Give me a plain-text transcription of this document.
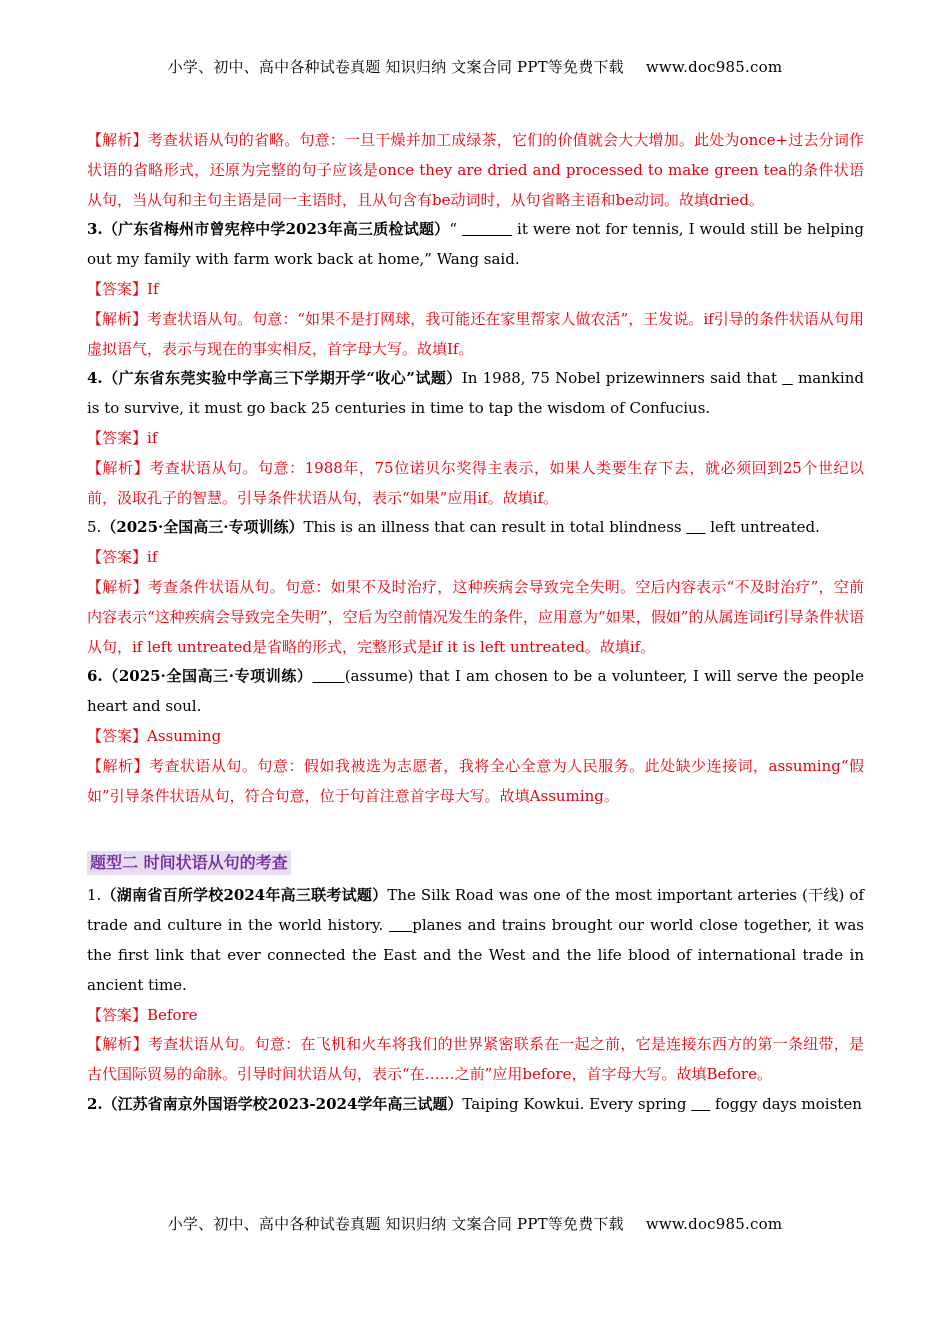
小学、初中、高中各种试卷真题 知识归纳 文案合同 PPT等免费下载 www.doc985.com

【解析】考查状语从句的省略。句意：一旦干燥并加工成绿茶，它们的价值就会大大增加。此处为once+过去分词作状语的省略形式，还原为完整的句子应该是once they are dried and processed to make green tea的条件状语从句，当从句和主句主语是同一主语时，且从句含有be动词时，从句省略主语和be动词。故填dried。

3.（广东省梅州市曾宪梓中学2023年高三质检试题）“	it were not for tennis, I would still be helping out my family with farm work back at home,” Wang said.

【答案】If

【解析】考查状语从句。句意：“如果不是打网球，我可能还在家里帮家人做农活”，王发说。if引导的条件状语从句用虚拟语气，表示与现在的事实相反，首字母大写。故填If。

4.（广东省东莞实验中学高三下学期开学“收心”试题）In 1988, 75 Nobel prizewinners said that    mankind is to survive, it must go back 25 centuries in time to tap the wisdom of Confucius.

【答案】if

【解析】考查状语从句。句意：1988年，75位诺贝尔奖得主表示，如果人类要生存下去，就必须回到25个世纪以前，汲取孔子的智慧。引导条件状语从句，表示“如果”应用if。故填if。

5.（2025·全国高三·专项训练）This is an illness that can result in total blindness      left untreated.

【答案】if

【解析】考查条件状语从句。句意：如果不及时治疗，这种疾病会导致完全失明。空后内容表示“不及时治疗”，空前内容表示“这种疾病会导致完全失明”，空后为空前情况发生的条件，应用意为“如果，假如”的从属连词if引导条件状语从句，if left untreated是省略的形式，完整形式是if it is left untreated。故填if。

6.（2025·全国高三·专项训练） (assume) that I am chosen to be a volunteer, I will serve the people heart and soul.

【答案】Assuming

【解析】考查状语从句。句意：假如我被选为志愿者，我将全心全意为人民服务。此处缺少连接词，assuming“假如”引导条件状语从句，符合句意，位于句首注意首字母大写。故填Assuming。

题型二 时间状语从句的考查

1.（湖南省百所学校2024年高三联考试题）The Silk Road was one of the most important arteries (干线) of trade and culture in the world history.     planes and trains brought our world close together, it was the first link that ever connected the East and the West and the life blood of international trade in ancient time.

【答案】Before

【解析】考查状语从句。句意：在飞机和火车将我们的世界紧密联系在一起之前，它是连接东西方的第一条纽带，是古代国际贸易的命脉。引导时间状语从句，表示“在……之前”应用before，首字母大写。故填Before。

2.（江苏省南京外国语学校2023-2024学年高三试题）Taiping Kowkui. Every spring      foggy days moisten

小学、初中、高中各种试卷真题 知识归纳 文案合同 PPT等免费下载 www.doc985.com
